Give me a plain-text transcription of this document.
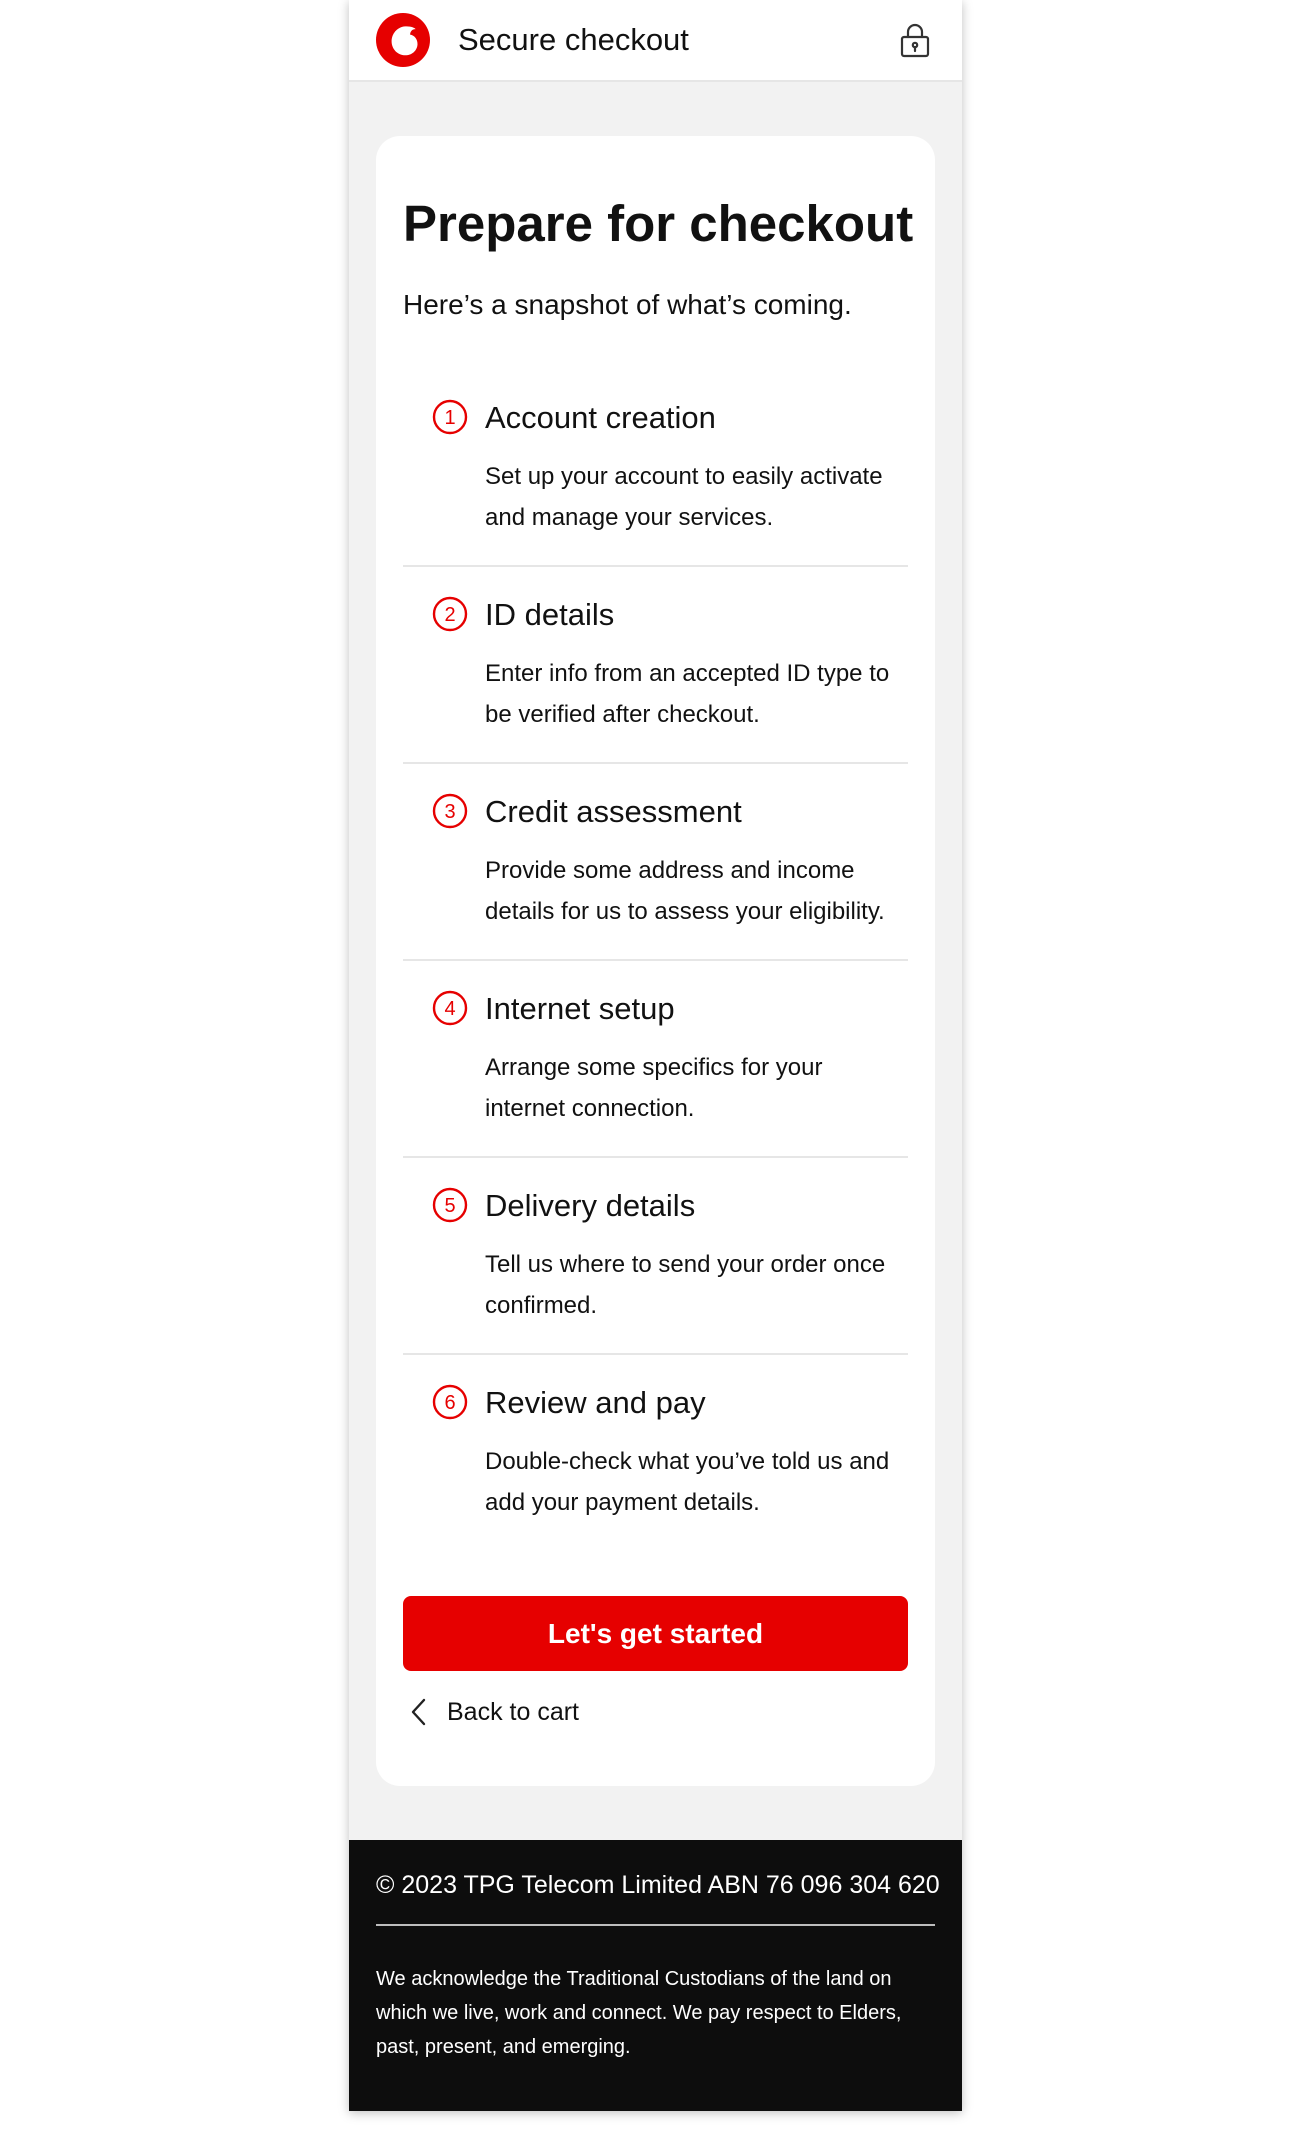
Secure checkout
Prepare for checkout
Here’s a snapshot of what’s coming.
1 Account creation
Set up your account to easily activate and manage your services.
2 ID details
Enter info from an accepted ID type to be verified after checkout.
3 Credit assessment
Provide some address and income details for us to assess your eligibility.
4 Internet setup
Arrange some specifics for your internet connection.
5 Delivery details
Tell us where to send your order once confirmed.
6 Review and pay
Double-check what you’ve told us and add your payment details.
Let's get started
Back to cart
© 2023 TPG Telecom Limited ABN 76 096 304 620
We acknowledge the Traditional Custodians of the land on which we live, work and connect. We pay respect to Elders, past, present, and emerging.
